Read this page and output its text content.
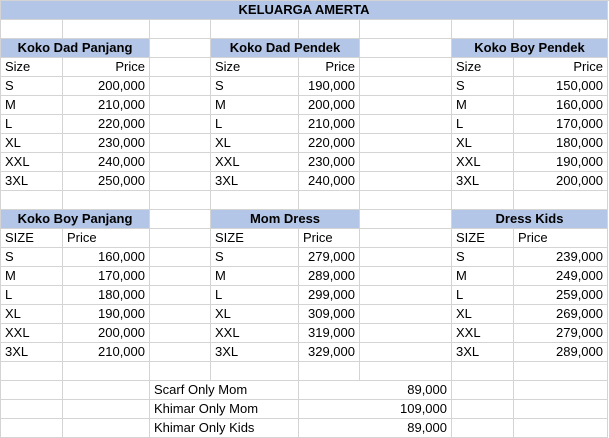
KELUARGA AMERTA
Koko Dad Panjang
Size	Price
S	200,000
M	210,000
L	220,000
XL	230,000
XXL	240,000
3XL	250,000
Koko Dad Pendek
Size	Price
S	190,000
M	200,000
L	210,000
XL	220,000
XXL	230,000
3XL	240,000
Koko Boy Pendek
Size	Price
S	150,000
M	160,000
L	170,000
XL	180,000
XXL	190,000
3XL	200,000
Koko Boy Panjang
SIZE	Price
S	160,000
M	170,000
L	180,000
XL	190,000
XXL	200,000
3XL	210,000
Mom Dress
SIZE	Price
S	279,000
M	289,000
L	299,000
XL	309,000
XXL	319,000
3XL	329,000
Dress Kids
SIZE	Price
S	239,000
M	249,000
L	259,000
XL	269,000
XXL	279,000
3XL	289,000
Scarf Only Mom	89,000
Khimar Only Mom	109,000
Khimar Only Kids	89,000
